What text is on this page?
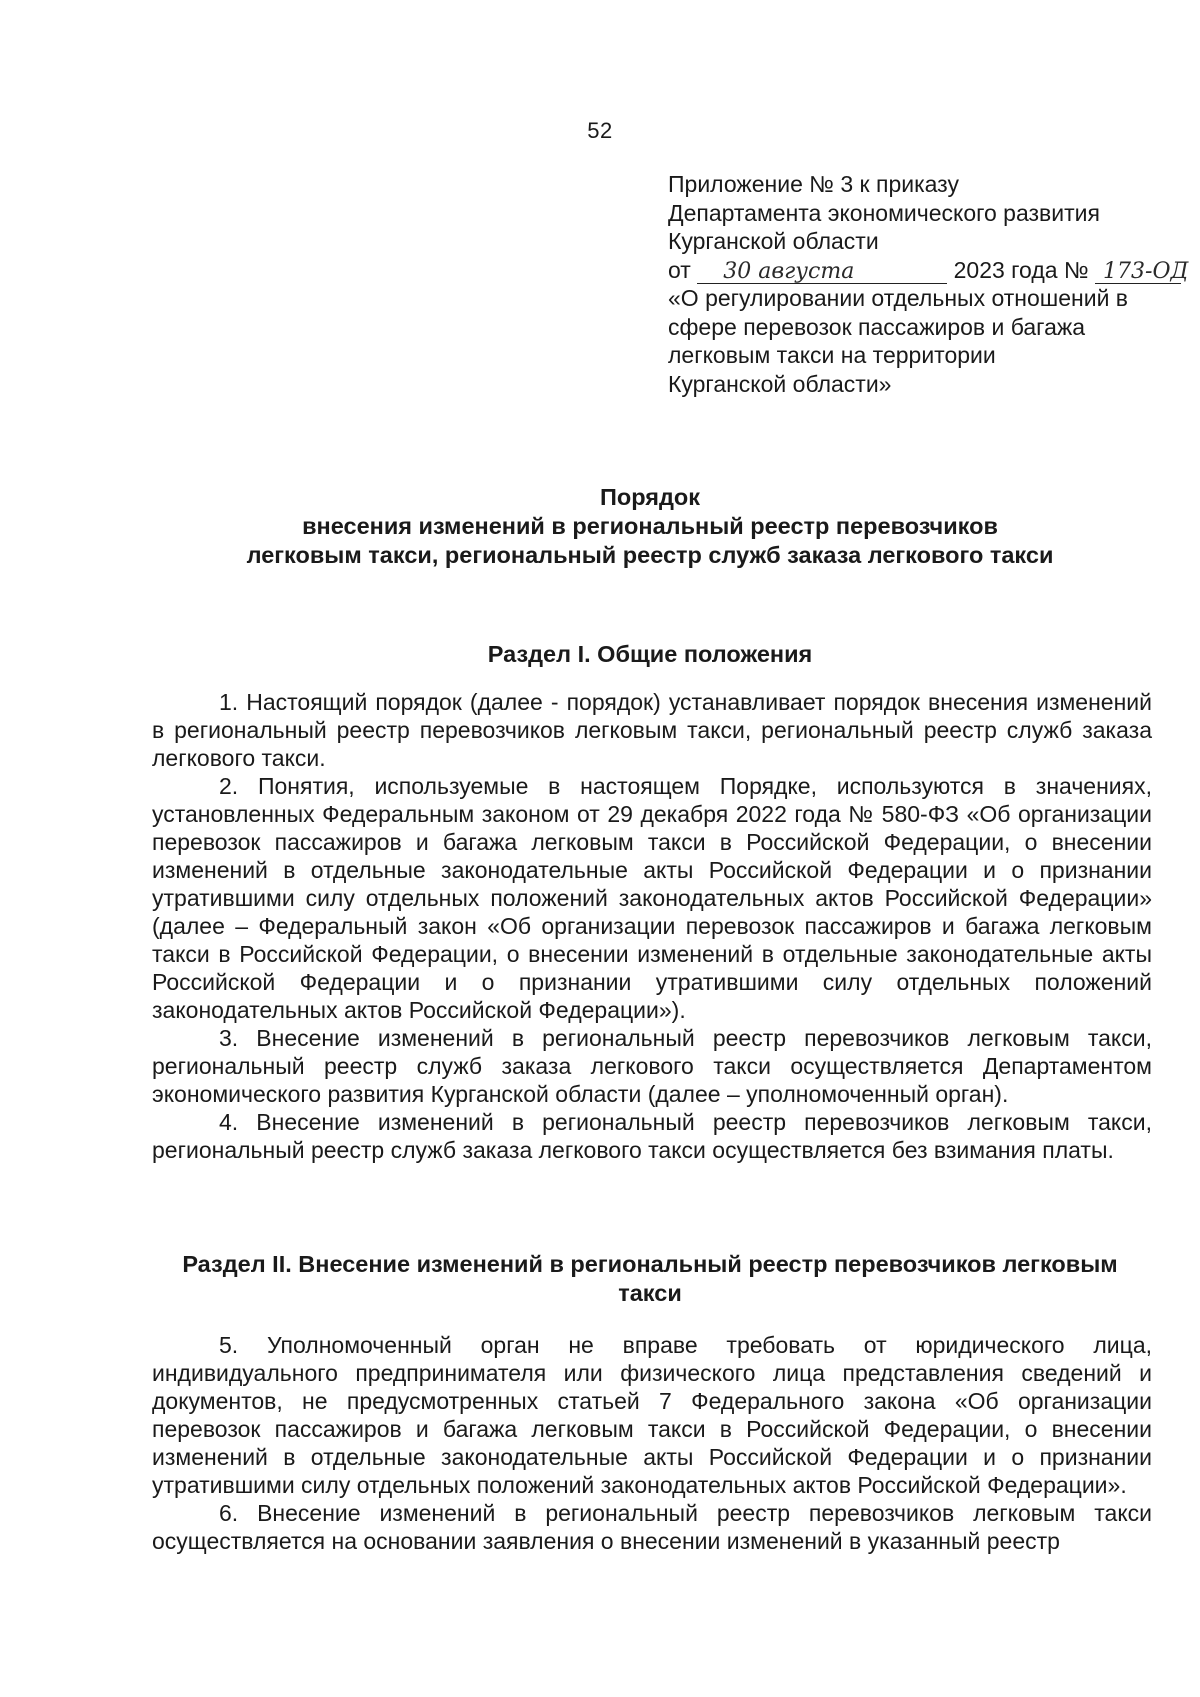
52
Приложение № 3 к приказу
Департамента экономического развития
Курганской области
от 30 августа	2023 года № 173-ОД
«О регулировании отдельных отношений в
сфере перевозок пассажиров и багажа
легковым такси на территории
Курганской области»
Порядок
внесения изменений в региональный реестр перевозчиков
легковым такси, региональный реестр служб заказа легкового такси
Раздел I. Общие положения

1. Настоящий порядок (далее - порядок) устанавливает порядок внесения изменений в региональный реестр перевозчиков легковым такси, региональный реестр служб заказа легкового такси.

2. Понятия, используемые в настоящем Порядке, используются в значениях, установленных Федеральным законом от 29 декабря 2022 года № 580-ФЗ «Об организации перевозок пассажиров и багажа легковым такси в Российской Федерации, о внесении изменений в отдельные законодательные акты Российской Федерации и о признании утратившими силу отдельных положений законодательных актов Российской Федерации» (далее – Федеральный закон «Об организации перевозок пассажиров и багажа легковым такси в Российской Федерации, о внесении изменений в отдельные законодательные акты Российской Федерации и о признании утратившими силу отдельных положений законодательных актов Российской Федерации»).

3. Внесение изменений в региональный реестр перевозчиков легковым такси, региональный реестр служб заказа легкового такси осуществляется Департаментом экономического развития Курганской области (далее – уполномоченный орган).

4. Внесение изменений в региональный реестр перевозчиков легковым такси, региональный реестр служб заказа легкового такси осуществляется без взимания платы.

Раздел II. Внесение изменений в региональный реестр перевозчиков легковым
такси

5. Уполномоченный орган не вправе требовать от юридического лица, индивидуального предпринимателя или физического лица представления сведений и документов, не предусмотренных статьей 7 Федерального закона «Об организации перевозок пассажиров и багажа легковым такси в Российской Федерации, о внесении изменений в отдельные законодательные акты Российской Федерации и о признании утратившими силу отдельных положений законодательных актов Российской Федерации».

6. Внесение изменений в региональный реестр перевозчиков легковым такси осуществляется на основании заявления о внесении изменений в указанный реестр
